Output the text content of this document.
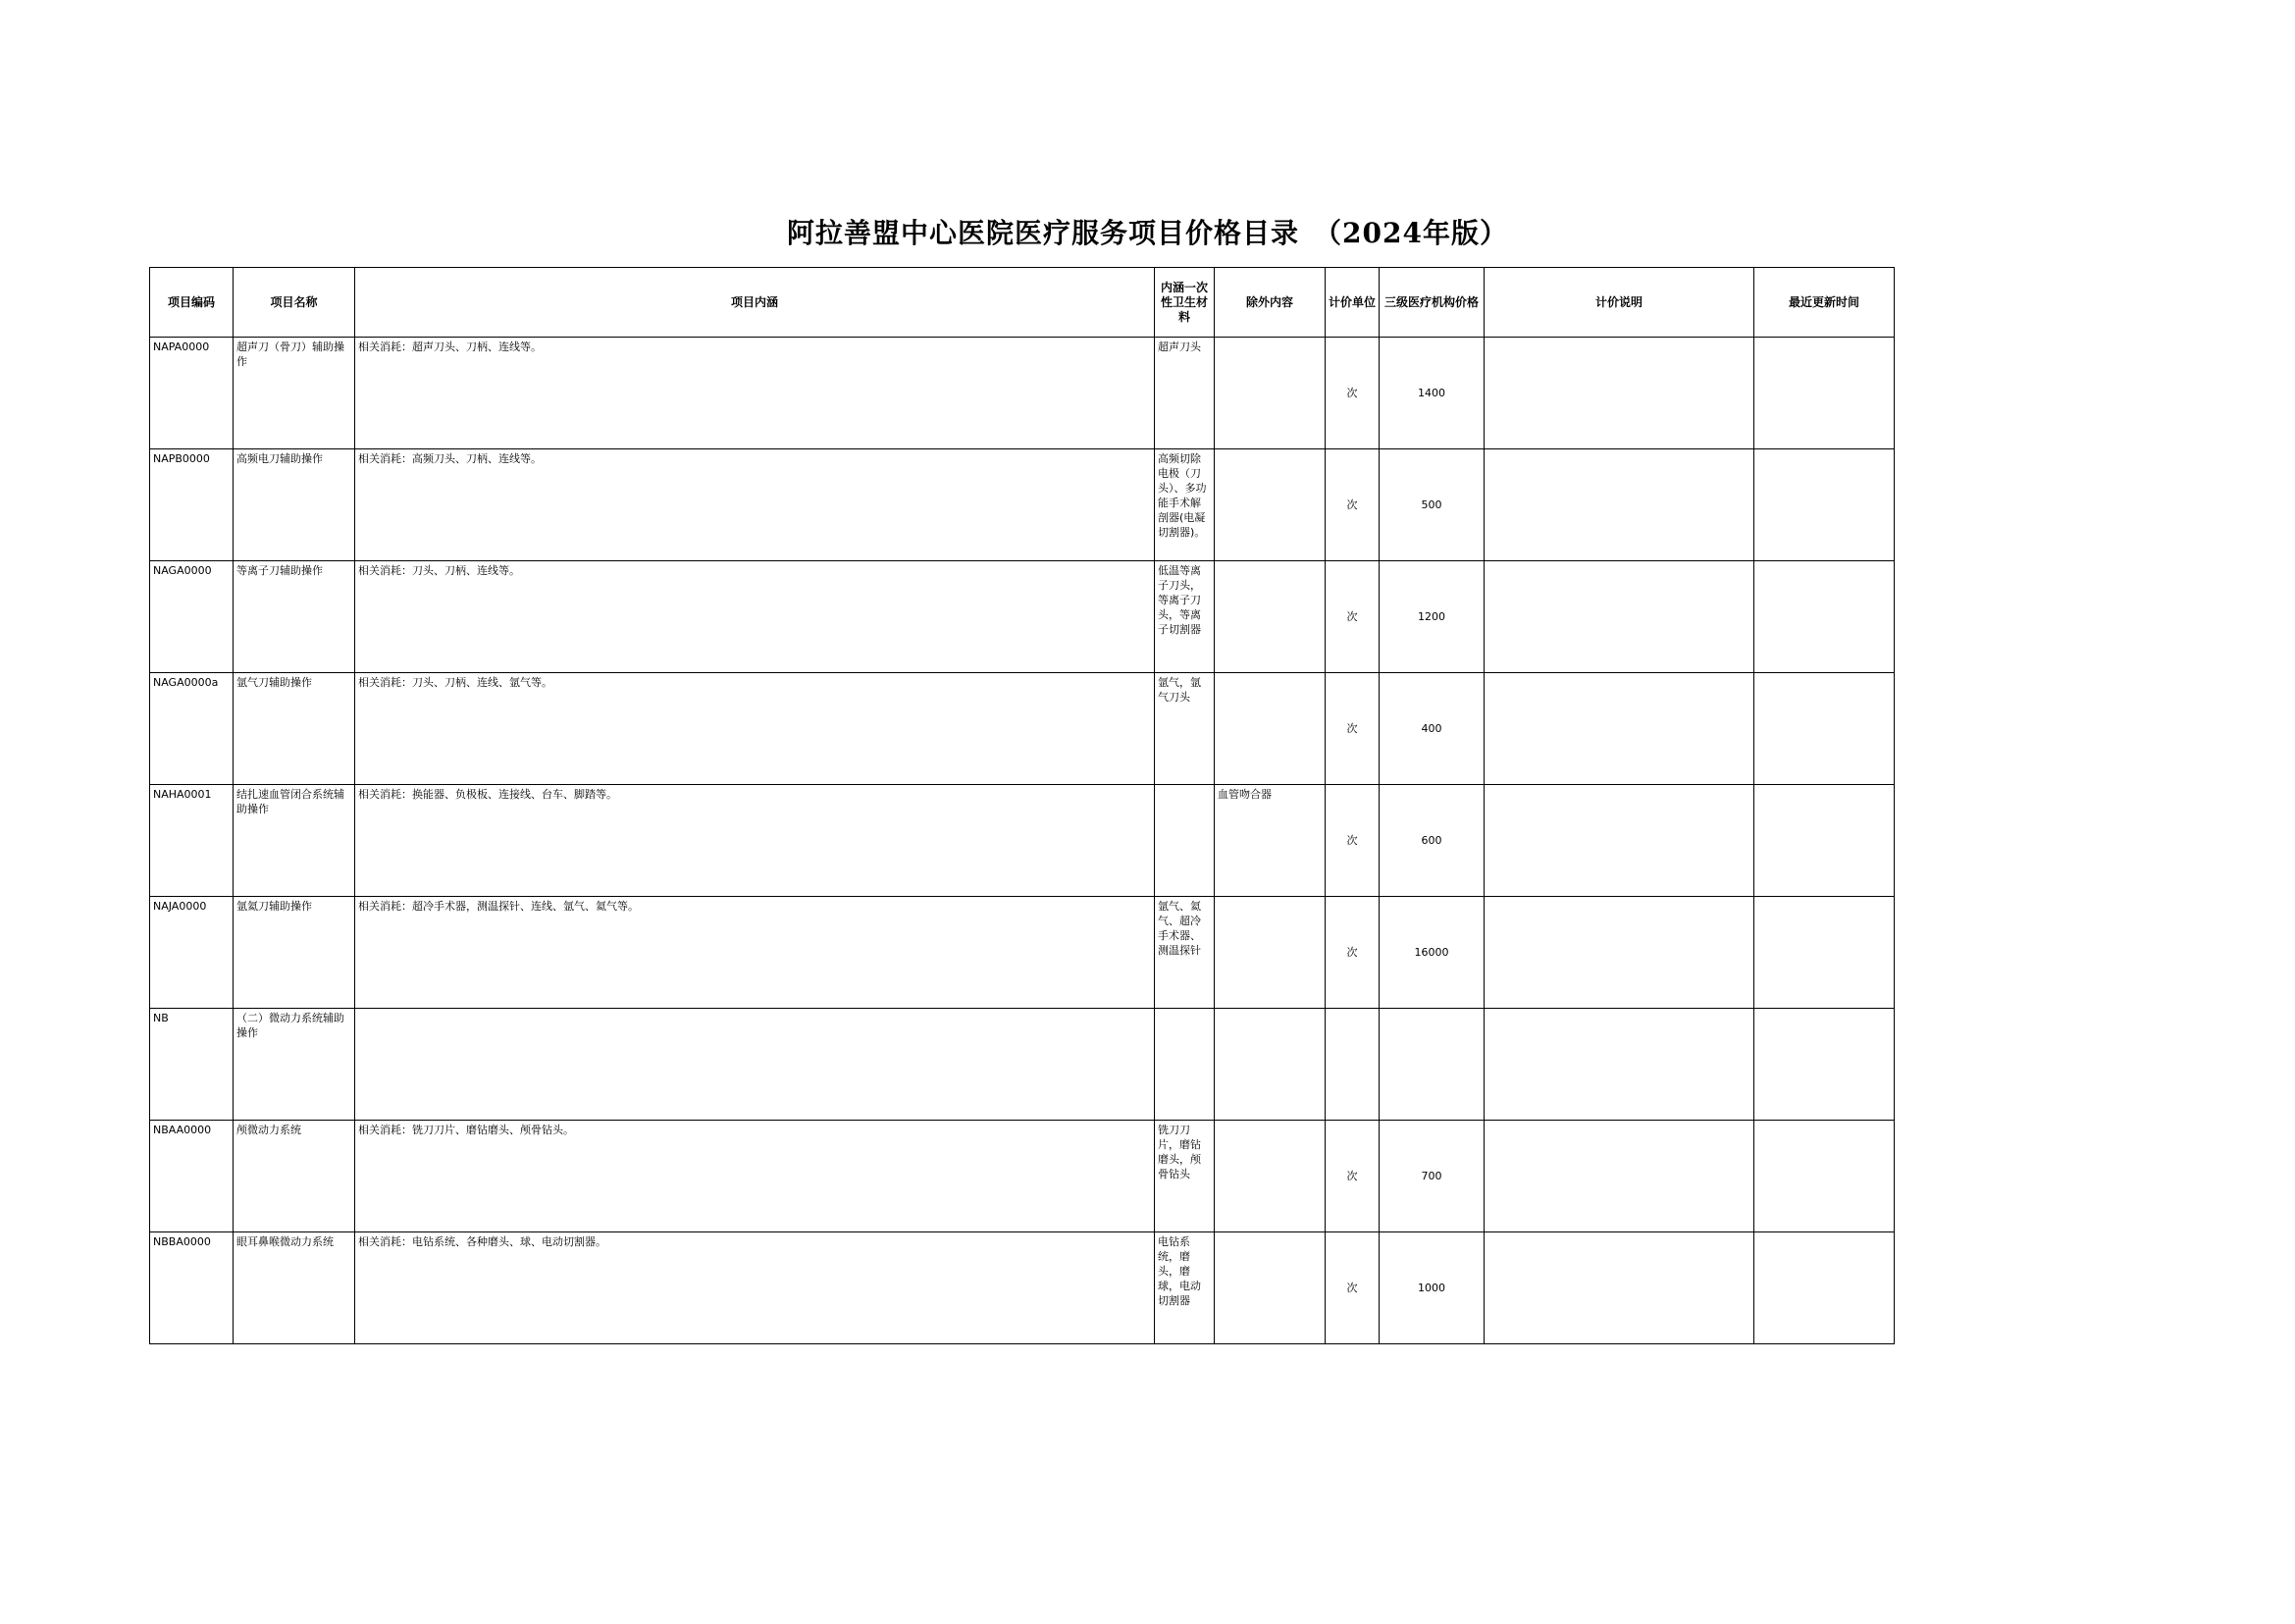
阿拉善盟中心医院医疗服务项目价格目录　（2024年版）
项目编码	项目名称	项目内涵	内涵一次性卫生材料	除外内容	计价单位	三级医疗机构价格	计价说明	最近更新时间
NAPA0000	超声刀（骨刀）辅助操作	相关消耗：超声刀头、刀柄、连线等。	超声刀头		次	1400		
NAPB0000	高频电刀辅助操作	相关消耗：高频刀头、刀柄、连线等。	高频切除电极（刀头）、多功能手术解剖器(电凝切割器)。		次	500		
NAGA0000	等离子刀辅助操作	相关消耗：刀头、刀柄、连线等。	低温等离子刀头，等离子刀头，等离子切割器		次	1200		
NAGA0000a	氩气刀辅助操作	相关消耗：刀头、刀柄、连线、氩气等。	氩气，氩气刀头		次	400		
NAHA0001	结扎速血管闭合系统辅助操作	相关消耗：换能器、负极板、连接线、台车、脚踏等。		血管吻合器	次	600		
NAJA0000	氩氦刀辅助操作	相关消耗：超冷手术器，测温探针、连线、氩气、氦气等。	氩气、氦气、超冷手术器、测温探针		次	16000		
NB	（二）微动力系统辅助操作							
NBAA0000	颅微动力系统	相关消耗：铣刀刀片、磨钻磨头、颅骨钻头。	铣刀刀片，磨钻磨头，颅骨钻头		次	700		
NBBA0000	眼耳鼻喉微动力系统	相关消耗：电钻系统、各种磨头、球、电动切割器。	电钻系统，磨头，磨球，电动切割器		次	1000		
